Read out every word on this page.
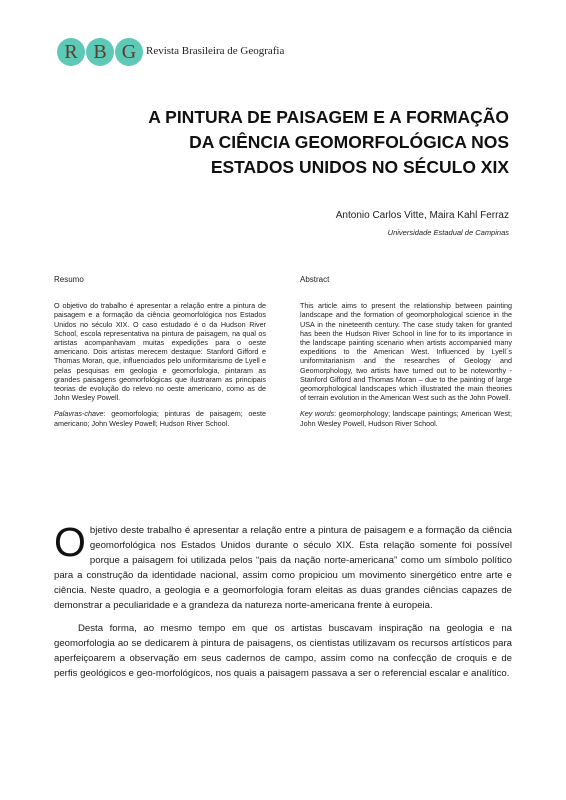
R B G Revista Brasileira de Geografia
A PINTURA DE PAISAGEM E A FORMAÇÃO
DA CIÊNCIA GEOMORFOLÓGICA NOS
ESTADOS UNIDOS NO SÉCULO XIX
Antonio Carlos Vitte, Maira Kahl Ferraz
Universidade Estadual de Campinas
Resumo

O objetivo do trabalho é apresentar a relação entre a pintura de paisagem e a formação da ciência geomorfológica nos Estados Unidos no século XIX. O caso estudado é o da Hudson River School, escola representativa na pintura de paisagem, na qual os artistas acompanhavam muitas expedições para o oeste americano. Dois artistas merecem destaque: Stanford Gifford e Thomas Moran, que, influenciados pelo uniformitarismo de Lyell e pelas pesquisas em geologia e geomorfologia, pintaram as grandes paisagens geomorfológicas que ilustraram as principais teorias de evolução do relevo no oeste americano, como as de John Wesley Powell.

Palavras-chave: geomorfologia; pinturas de paisagem; oeste americano; John Wesley Powell; Hudson River School.

Abstract

This article aims to present the relationship between painting landscape and the formation of geomorphological science in the USA in the nineteenth century. The case study taken for granted has been the Hudson River School in line for to its importance in the landscape painting scenario when artists accompanied many expeditions to the American West. Influenced by Lyell´s uniformitarianism and the researches of Geology and Geomorphology, two artists have turned out to be noteworthy - Stanford Gifford and Thomas Moran – due to the painting of large geomorphological landscapes which illustrated the main theories of terrain evolution in the American West such as the John Powell.

Key words: geomorphology; landscape paintings; American West; John Wesley Powell, Hudson River School.

Objetivo deste trabalho é apresentar a relação entre a pintura de paisagem e a formação da ciência geomorfológica nos Estados Unidos durante o século XIX. Esta relação somente foi possível porque a paisagem foi utilizada pelos “pais da nação norte-americana” como um símbolo político para a construção da identidade nacional, assim como propiciou um movimento sinergético entre arte e ciência. Neste quadro, a geologia e a geomorfologia foram eleitas as duas grandes ciências capazes de demonstrar a peculiaridade e a grandeza da natureza norte-americana frente à europeia.

Desta forma, ao mesmo tempo em que os artistas buscavam inspiração na geologia e na geomorfologia ao se dedicarem à pintura de paisagens, os cientistas utilizavam os recursos artísticos para aperfeiçoarem a observação em seus cadernos de campo, assim como na confecção de croquis e de perfis geológicos e geo-morfológicos, nos quais a paisagem passava a ser o referencial escalar e analítico.
